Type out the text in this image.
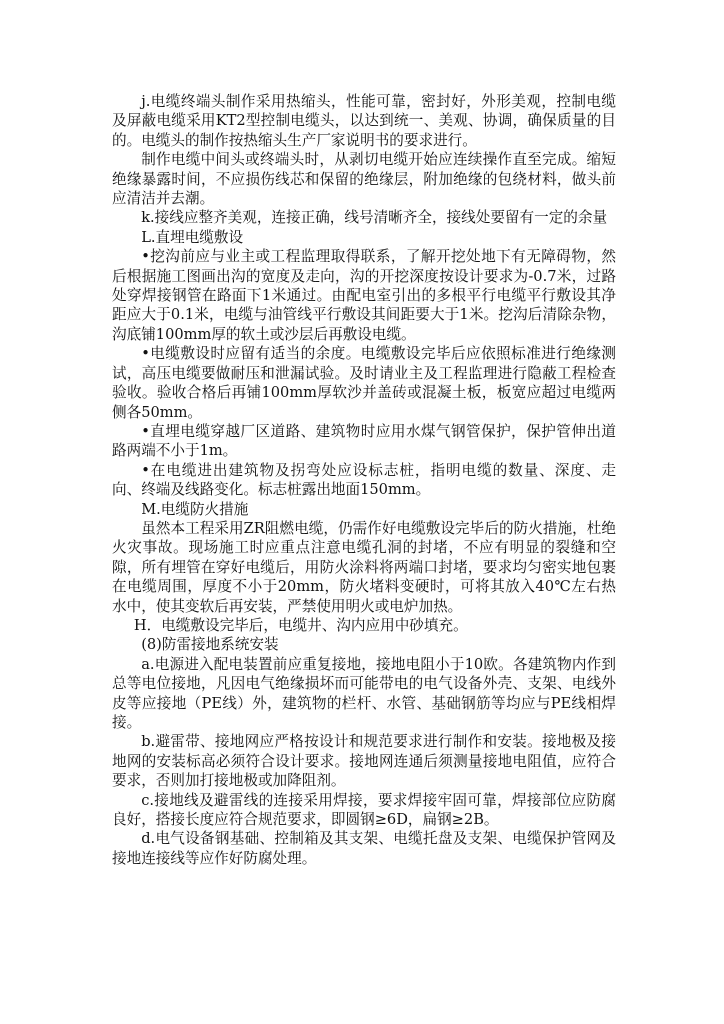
j.电缆终端头制作采用热缩头，性能可靠，密封好，外形美观，控制电缆及屏蔽电缆采用KT2型控制电缆头，以达到统一、美观、协调，确保质量的目的。电缆头的制作按热缩头生产厂家说明书的要求进行。

制作电缆中间头或终端头时，从剥切电缆开始应连续操作直至完成。缩短绝缘暴露时间，不应损伤线芯和保留的绝缘层，附加绝缘的包绕材料，做头前应清洁并去潮。

k.接线应整齐美观，连接正确，线号清晰齐全，接线处要留有一定的余量

L.直埋电缆敷设

•挖沟前应与业主或工程监理取得联系，了解开挖处地下有无障碍物，然后根据施工图画出沟的宽度及走向，沟的开挖深度按设计要求为-0.7米，过路处穿焊接钢管在路面下1米通过。由配电室引出的多根平行电缆平行敷设其净距应大于0.1米，电缆与油管线平行敷设其间距要大于1米。挖沟后清除杂物，沟底铺100mm厚的软土或沙层后再敷设电缆。

•电缆敷设时应留有适当的余度。电缆敷设完毕后应依照标准进行绝缘测试，高压电缆要做耐压和泄漏试验。及时请业主及工程监理进行隐蔽工程检查验收。验收合格后再铺100mm厚软沙并盖砖或混凝土板，板宽应超过电缆两侧各50mm。

•直埋电缆穿越厂区道路、建筑物时应用水煤气钢管保护，保护管伸出道路两端不小于1m。

•在电缆进出建筑物及拐弯处应设标志桩，指明电缆的数量、深度、走向、终端及线路变化。标志桩露出地面150mm。

M.电缆防火措施

虽然本工程采用ZR阻燃电缆，仍需作好电缆敷设完毕后的防火措施，杜绝火灾事故。现场施工时应重点注意电缆孔洞的封堵，不应有明显的裂缝和空隙，所有埋管在穿好电缆后，用防火涂料将两端口封堵，要求均匀密实地包裹在电缆周围，厚度不小于20mm，防火堵料变硬时，可将其放入40℃左右热水中，使其变软后再安装，严禁使用明火或电炉加热。

H．电缆敷设完毕后，电缆井、沟内应用中砂填充。

(8)防雷接地系统安装

a.电源进入配电装置前应重复接地，接地电阻小于10欧。各建筑物内作到总等电位接地，凡因电气绝缘损坏而可能带电的电气设备外壳、支架、电线外皮等应接地（PE线）外，建筑物的栏杆、水管、基础钢筋等均应与PE线相焊接。

b.避雷带、接地网应严格按设计和规范要求进行制作和安装。接地极及接地网的安装标高必须符合设计要求。接地网连通后须测量接地电阻值，应符合要求，否则加打接地极或加降阻剂。

c.接地线及避雷线的连接采用焊接，要求焊接牢固可靠，焊接部位应防腐良好，搭接长度应符合规范要求，即圆钢≥6D，扁钢≥2B。

d.电气设备钢基础、控制箱及其支架、电缆托盘及支架、电缆保护管网及接地连接线等应作好防腐处理。
